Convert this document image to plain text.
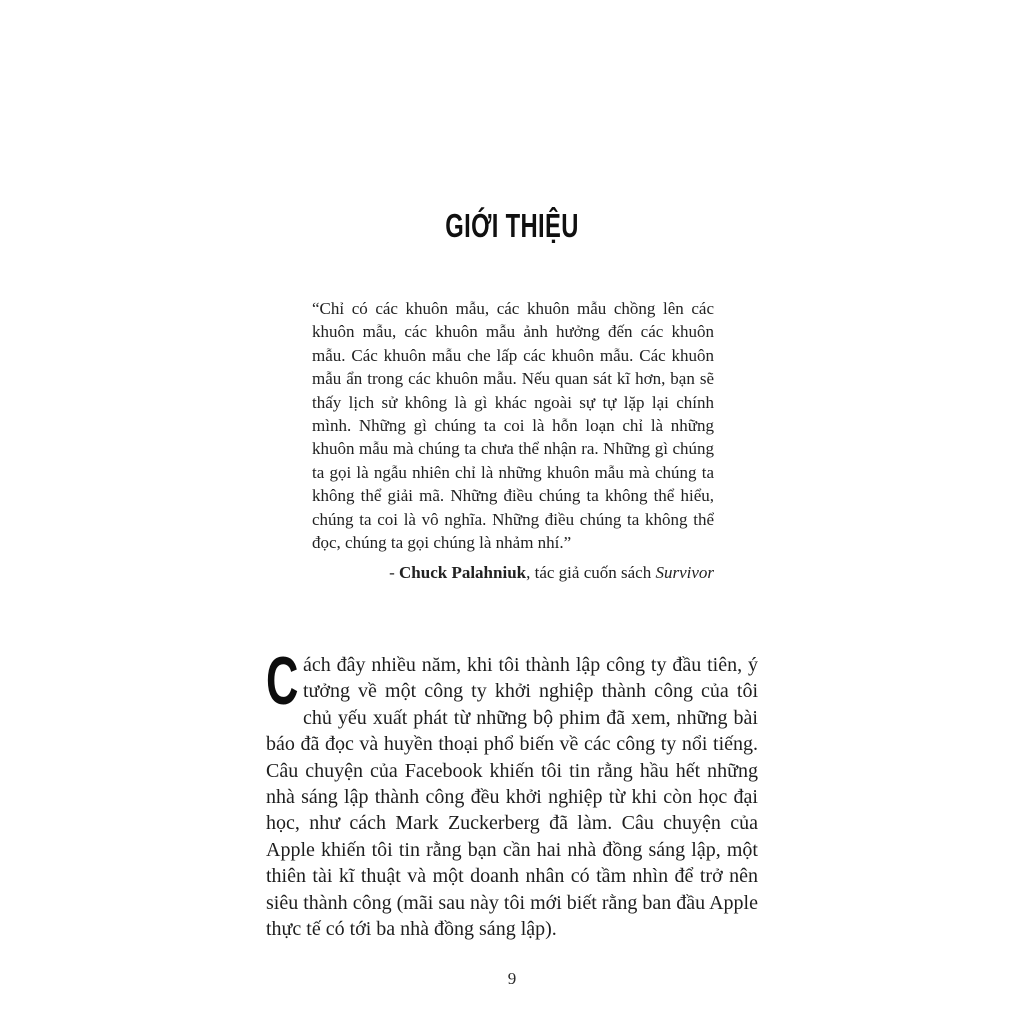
GIỚI THIỆU
“Chỉ có các khuôn mẫu, các khuôn mẫu chồng lên các khuôn mẫu, các khuôn mẫu ảnh hưởng đến các khuôn mẫu. Các khuôn mẫu che lấp các khuôn mẫu. Các khuôn mẫu ẩn trong các khuôn mẫu. Nếu quan sát kĩ hơn, bạn sẽ thấy lịch sử không là gì khác ngoài sự tự lặp lại chính mình. Những gì chúng ta coi là hỗn loạn chỉ là những khuôn mẫu mà chúng ta chưa thể nhận ra. Những gì chúng ta gọi là ngẫu nhiên chỉ là những khuôn mẫu mà chúng ta không thể giải mã. Những điều chúng ta không thể hiểu, chúng ta coi là vô nghĩa. Những điều chúng ta không thể đọc, chúng ta gọi chúng là nhảm nhí.”
- Chuck Palahniuk, tác giả cuốn sách Survivor
Cách đây nhiều năm, khi tôi thành lập công ty đầu tiên, ý tưởng về một công ty khởi nghiệp thành công của tôi chủ yếu xuất phát từ những bộ phim đã xem, những bài báo đã đọc và huyền thoại phổ biến về các công ty nổi tiếng. Câu chuyện của Facebook khiến tôi tin rằng hầu hết những nhà sáng lập thành công đều khởi nghiệp từ khi còn học đại học, như cách Mark Zuckerberg đã làm. Câu chuyện của Apple khiến tôi tin rằng bạn cần hai nhà đồng sáng lập, một thiên tài kĩ thuật và một doanh nhân có tầm nhìn để trở nên siêu thành công (mãi sau này tôi mới biết rằng ban đầu Apple thực tế có tới ba nhà đồng sáng lập).
9
